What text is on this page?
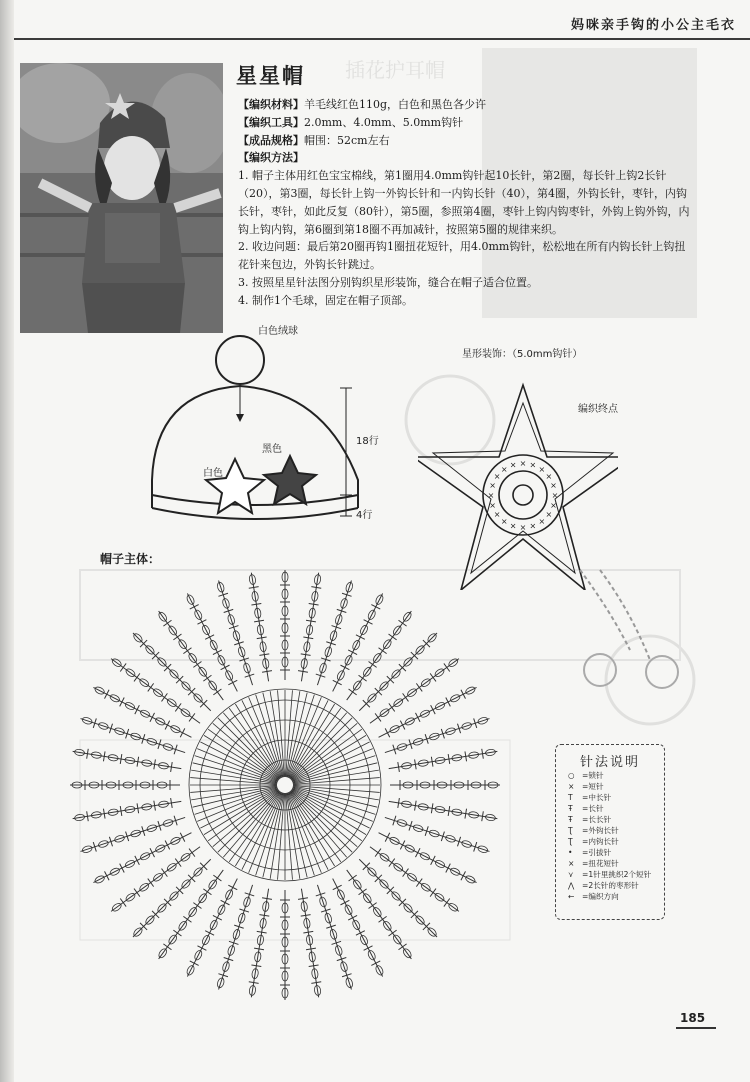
妈咪亲手钩的小公主毛衣
插花护耳帽
星星帽
【编织材料】羊毛线红色110g，白色和黑色各少许
【编织工具】2.0mm、4.0mm、5.0mm钩针
【成品规格】帽围：52cm左右
【编织方法】
1. 帽子主体用红色宝宝棉线，第1圈用4.0mm钩针起10长针，第2圈，每长针上钩2长针（20），第3圈，每长针上钩一外钩长针和一内钩长针（40），第4圈，外钩长针，枣针，内钩长针，枣针，如此反复（80针），第5圈，参照第4圈，枣针上钩内钩枣针，外钩上钩外钩，内钩上钩内钩，第6圈到第18圈不再加减针，按照第5圈的规律来织。
2. 收边问题：最后第20圈再钩1圈扭花短针，用4.0mm钩针，松松地在所有内钩长针上钩扭花针来包边，外钩长针跳过。
3. 按照星星针法图分别钩织星形装饰，缝合在帽子适合位置。
4. 制作1个毛球，固定在帽子顶部。
白色绒球
黑色
白色
18行
4行
星形装饰：（5.0mm钩针）
编织终点
×
×
×
×
×
×
×
×
×
×
×
×
×
×
× × ×
×
×
×
帽子主体：
针法说明
○ =锁针
× =短针
T =中长针
Ŧ =长针
Ŧ =长长针
Ʈ =外钩长针
Ʈ =内钩长针
• =引拔针
× =扭花短针
⋎ =1针里挑织2个短针
⋀ =2长针的枣形针
← =编织方向
185
